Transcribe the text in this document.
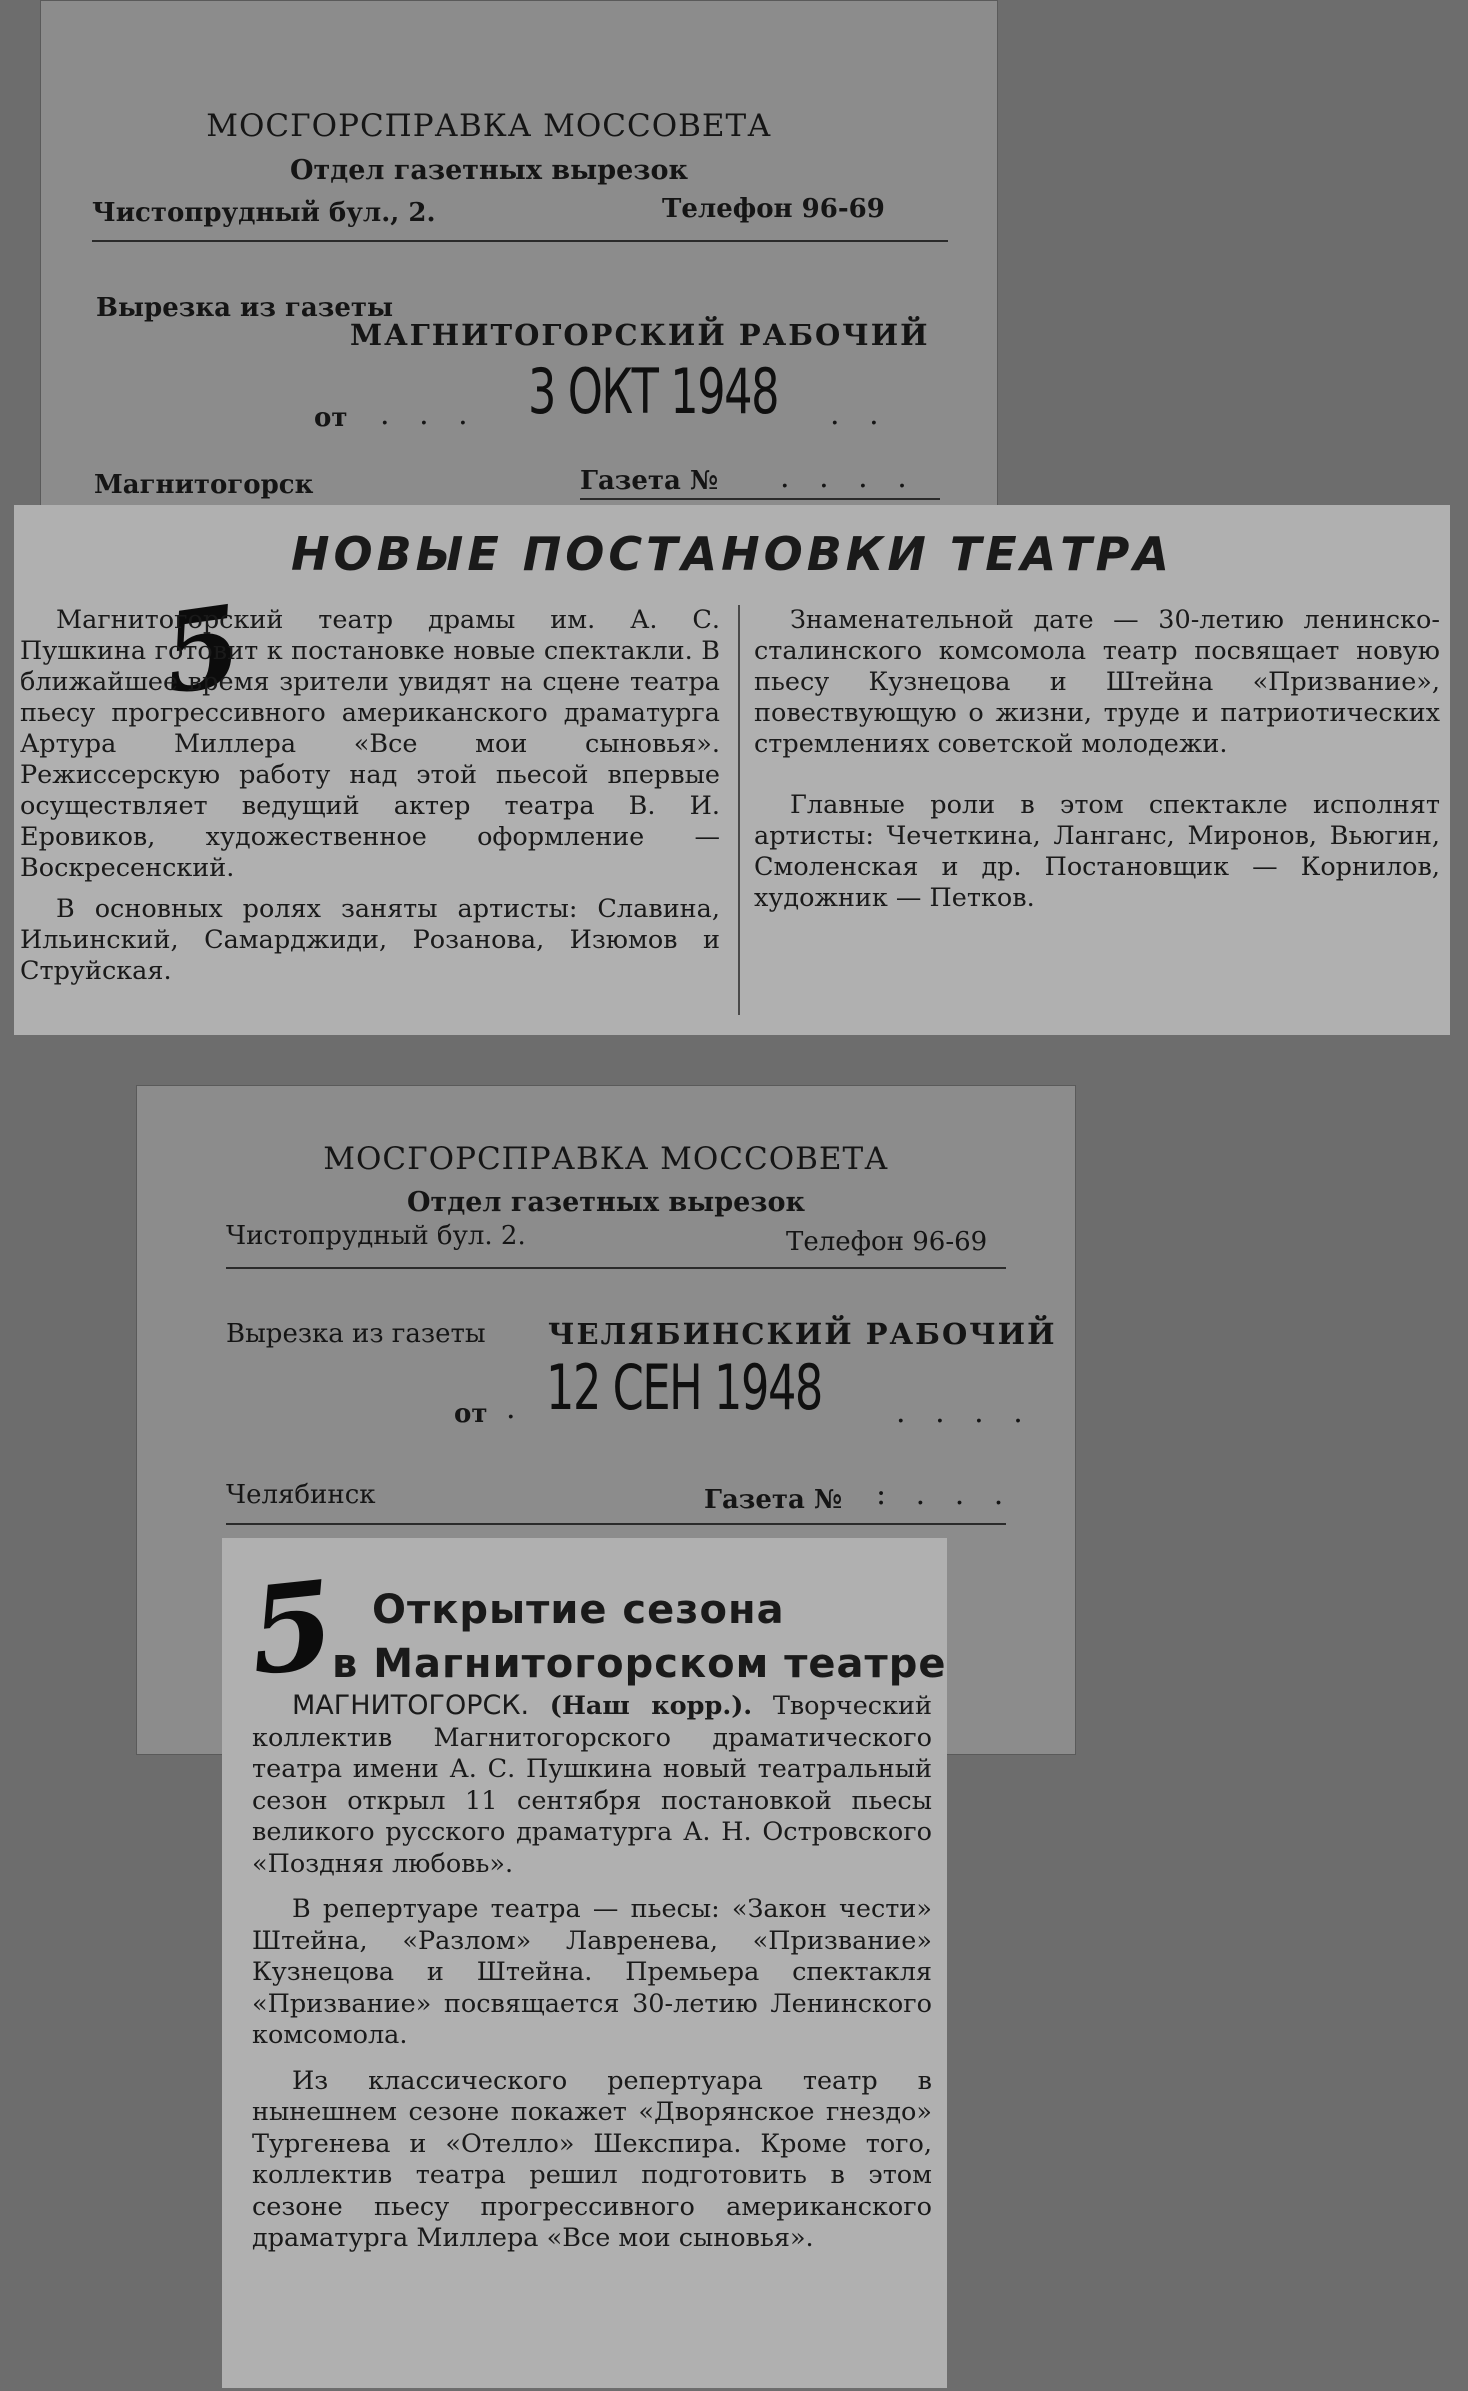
МОСГОРСПРАВКА МОССОВЕТА
Отдел газетных вырезок
Чистопрудный бул., 2.	Телефон 96-69
Вырезка из газеты
МАГНИТОГОРСКИЙ РАБОЧИЙ
от . . . 3 ОКТ 1948 . .
Магнитогорск	Газета № . . . .
НОВЫЕ ПОСТАНОВКИ ТЕАТРА
5

Магнитогорский театр драмы им. А. С. Пушкина готовит к постановке новые спектакли. В ближайшее время зрители увидят на сцене театра пьесу прогрессивного американского драматурга Артура Миллера «Все мои сыновья». Режиссерскую работу над этой пьесой впервые осуществляет ведущий актер театра В. И. Еровиков, художественное оформление — Воскресенский.

В основных ролях заняты артисты: Славина, Ильинский, Самарджиди, Розанова, Изюмов и Струйская.

Знаменательной дате — 30-летию ленинско-сталинского комсомола театр посвящает новую пьесу Кузнецова и Штейна «Призвание», повествующую о жизни, труде и патриотических стремлениях советской молодежи.

Главные роли в этом спектакле исполнят артисты: Чечеткина, Ланганс, Миронов, Вьюгин, Смоленская и др. Постановщик — Корнилов, художник — Петков.

МОСГОРСПРАВКА МОССОВЕТА
Отдел газетных вырезок
Чистопрудный бул. 2.	Телефон 96-69
Вырезка из газеты ЧЕЛЯБИНСКИЙ РАБОЧИЙ
от . 12 СЕН 1948 . . . .
Челябинск	Газета № : . . .
5 Открытие сезона
в Магнитогорском театре

МАГНИТОГОРСК. (Наш корр.). Творческий коллектив Магнитогорского драматического театра имени А. С. Пушкина новый театральный сезон открыл 11 сентября постановкой пьесы великого русского драматурга А. Н. Островского «Поздняя любовь».

В репертуаре театра — пьесы: «Закон чести» Штейна, «Разлом» Лавренева, «Призвание» Кузнецова и Штейна. Премьера спектакля «Призвание» посвящается 30-летию Ленинского комсомола.

Из классического репертуара театр в нынешнем сезоне покажет «Дворянское гнездо» Тургенева и «Отелло» Шекспира. Кроме того, коллектив театра решил подготовить в этом сезоне пьесу прогрессивного американского драматурга Миллера «Все мои сыновья».
